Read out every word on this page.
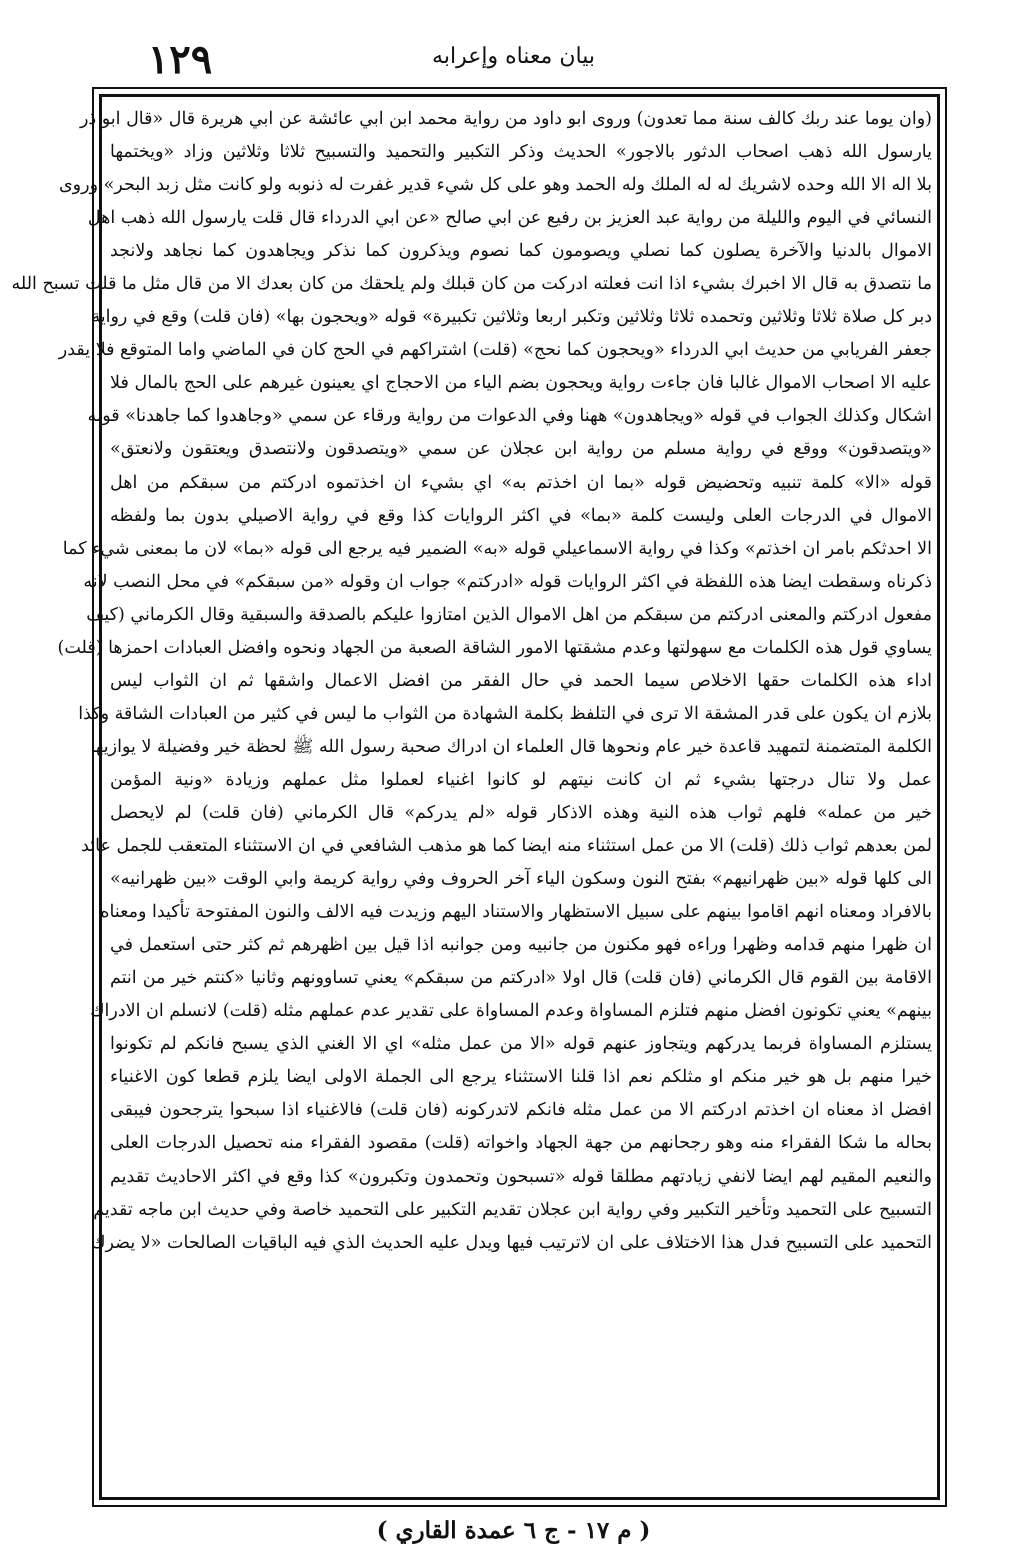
١٢٩	بيان معناه وإعرابه
(وان يوما عند ربك كالف سنة مما تعدون) وروى ابو داود من رواية محمد ابن ابي عائشة عن ابي هريرة قال «قال ابو ذر
يارسول الله ذهب اصحاب الدثور بالاجور» الحديث وذكر التكبير والتحميد والتسبيح ثلاثا وثلاثين وزاد «ويختمها
بلا اله الا الله وحده لاشريك له له الملك وله الحمد وهو على كل شيء قدير غفرت له ذنوبه ولو كانت مثل زبد البحر» وروى
النسائي في اليوم والليلة من رواية عبد العزيز بن رفيع عن ابي صالح «عن ابي الدرداء قال قلت يارسول الله ذهب اهل
الاموال بالدنيا والآخرة يصلون كما نصلي ويصومون كما نصوم ويذكرون كما نذكر ويجاهدون كما نجاهد ولانجد
ما نتصدق به قال الا اخبرك بشيء اذا انت فعلته ادركت من كان قبلك ولم يلحقك من كان بعدك الا من قال مثل ما قلت تسبح الله
دبر كل صلاة ثلاثا وثلاثين وتحمده ثلاثا وثلاثين وتكبر اربعا وثلاثين تكبيرة» قوله «ويحجون بها» (فان قلت) وقع في رواية
جعفر الفريابي من حديث ابي الدرداء «ويحجون كما نحج» (قلت) اشتراكهم في الحج كان في الماضي واما المتوقع فلا يقدر
عليه الا اصحاب الاموال غالبا فان جاءت رواية ويحجون بضم الياء من الاحجاج اي يعينون غيرهم على الحج بالمال فلا
اشكال وكذلك الجواب في قوله «ويجاهدون» ههنا وفي الدعوات من رواية ورقاء عن سمي «وجاهدوا كما جاهدنا» قوله
«ويتصدقون» ووقع في رواية مسلم من رواية ابن عجلان عن سمي «ويتصدقون ولانتصدق ويعتقون ولانعتق»
قوله «الا» كلمة تنبيه وتحضيض قوله «بما ان اخذتم به» اي بشيء ان اخذتموه ادركتم من سبقكم من اهل
الاموال في الدرجات العلى وليست كلمة «بما» في اكثر الروايات كذا وقع في رواية الاصيلي بدون بما ولفظه
الا احدثكم بامر ان اخذتم» وكذا في رواية الاسماعيلي قوله «به» الضمير فيه يرجع الى قوله «بما» لان ما بمعنى شيء كما
ذكرناه وسقطت ايضا هذه اللفظة في اكثر الروايات قوله «ادركتم» جواب ان وقوله «من سبقكم» في محل النصب لانه
مفعول ادركتم والمعنى ادركتم من سبقكم من اهل الاموال الذين امتازوا عليكم بالصدقة والسبقية وقال الكرماني (كيف
يساوي قول هذه الكلمات مع سهولتها وعدم مشقتها الامور الشاقة الصعبة من الجهاد ونحوه وافضل العبادات احمزها (قلت)
اداء هذه الكلمات حقها الاخلاص سيما الحمد في حال الفقر من افضل الاعمال واشقها ثم ان الثواب ليس
بلازم ان يكون على قدر المشقة الا ترى في التلفظ بكلمة الشهادة من الثواب ما ليس في كثير من العبادات الشاقة وكذا
الكلمة المتضمنة لتمهيد قاعدة خير عام ونحوها قال العلماء ان ادراك صحبة رسول الله ﷺ لحظة خير وفضيلة لا يوازيها
عمل ولا تنال درجتها بشيء ثم ان كانت نيتهم لو كانوا اغنياء لعملوا مثل عملهم وزيادة «ونية المؤمن
خير من عمله» فلهم ثواب هذه النية وهذه الاذكار قوله «لم يدركم» قال الكرماني (فان قلت) لم لايحصل
لمن بعدهم ثواب ذلك (قلت) الا من عمل استثناء منه ايضا كما هو مذهب الشافعي في ان الاستثناء المتعقب للجمل عائد
الى كلها قوله «بين ظهرانيهم» بفتح النون وسكون الياء آخر الحروف وفي رواية كريمة وابي الوقت «بين ظهرانيه»
بالافراد ومعناه انهم اقاموا بينهم على سبيل الاستظهار والاستناد اليهم وزيدت فيه الالف والنون المفتوحة تأكيدا ومعناه
ان ظهرا منهم قدامه وظهرا وراءه فهو مكنون من جانبيه ومن جوانبه اذا قيل بين اظهرهم ثم كثر حتى استعمل في
الاقامة بين القوم قال الكرماني (فان قلت) قال اولا «ادركتم من سبقكم» يعني تساوونهم وثانيا «كنتم خير من انتم
بينهم» يعني تكونون افضل منهم فتلزم المساواة وعدم المساواة على تقدير عدم عملهم مثله (قلت) لانسلم ان الادراك
يستلزم المساواة فربما يدركهم ويتجاوز عنهم قوله «الا من عمل مثله» اي الا الغني الذي يسبح فانكم لم تكونوا
خيرا منهم بل هو خير منكم او مثلكم نعم اذا قلنا الاستثناء يرجع الى الجملة الاولى ايضا يلزم قطعا كون الاغنياء
افضل اذ معناه ان اخذتم ادركتم الا من عمل مثله فانكم لاتدركونه (فان قلت) فالاغنياء اذا سبحوا يترجحون فيبقى
بحاله ما شكا الفقراء منه وهو رجحانهم من جهة الجهاد واخواته (قلت) مقصود الفقراء منه تحصيل الدرجات العلى
والنعيم المقيم لهم ايضا لانفي زيادتهم مطلقا قوله «تسبحون وتحمدون وتكبرون» كذا وقع في اكثر الاحاديث تقديم
التسبيح على التحميد وتأخير التكبير وفي رواية ابن عجلان تقديم التكبير على التحميد خاصة وفي حديث ابن ماجه تقديم
التحميد على التسبيح فدل هذا الاختلاف على ان لاترتيب فيها ويدل عليه الحديث الذي فيه الباقيات الصالحات «لا يضرك
( م ١٧ - ج ٦ عمدة القاري )
